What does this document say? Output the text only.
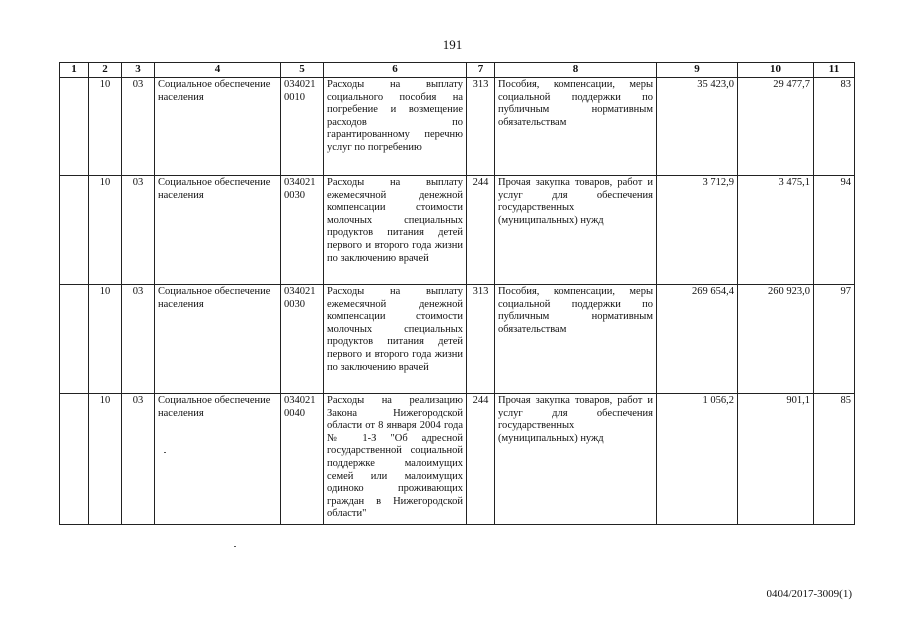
191
1	2	3	4	5	6	7	8	9	10	11
	10	03	Социальное обеспечение населения	034021 0010	Расходы на выплату социального пособия на погребение и возмещение расходов по гарантированному перечню услуг по погребению	313	Пособия, компенсации, меры социальной поддержки по публичным нормативным обязательствам	35 423,0	29 477,7	83
	10	03	Социальное обеспечение населения	034021 0030	Расходы на выплату ежемесячной денежной компенсации стоимости молочных специальных продуктов питания детей первого и второго года жизни по заключению врачей	244	Прочая закупка товаров, работ и услуг для обеспечения государственных (муниципальных) нужд	3 712,9	3 475,1	94
	10	03	Социальное обеспечение населения	034021 0030	Расходы на выплату ежемесячной денежной компенсации стоимости молочных специальных продуктов питания детей первого и второго года жизни по заключению врачей	313	Пособия, компенсации, меры социальной поддержки по публичным нормативным обязательствам	269 654,4	260 923,0	97
	10	03	Социальное обеспечение населения	034021 0040	Расходы на реализацию Закона Нижегородской области от 8 января 2004 года № 1-З "Об адресной государственной социальной поддержке малоимущих семей или малоимущих одиноко проживающих граждан в Нижегородской области"	244	Прочая закупка товаров, работ и услуг для обеспечения государственных (муниципальных) нужд	1 056,2	901,1	85
0404/2017-3009(1)
